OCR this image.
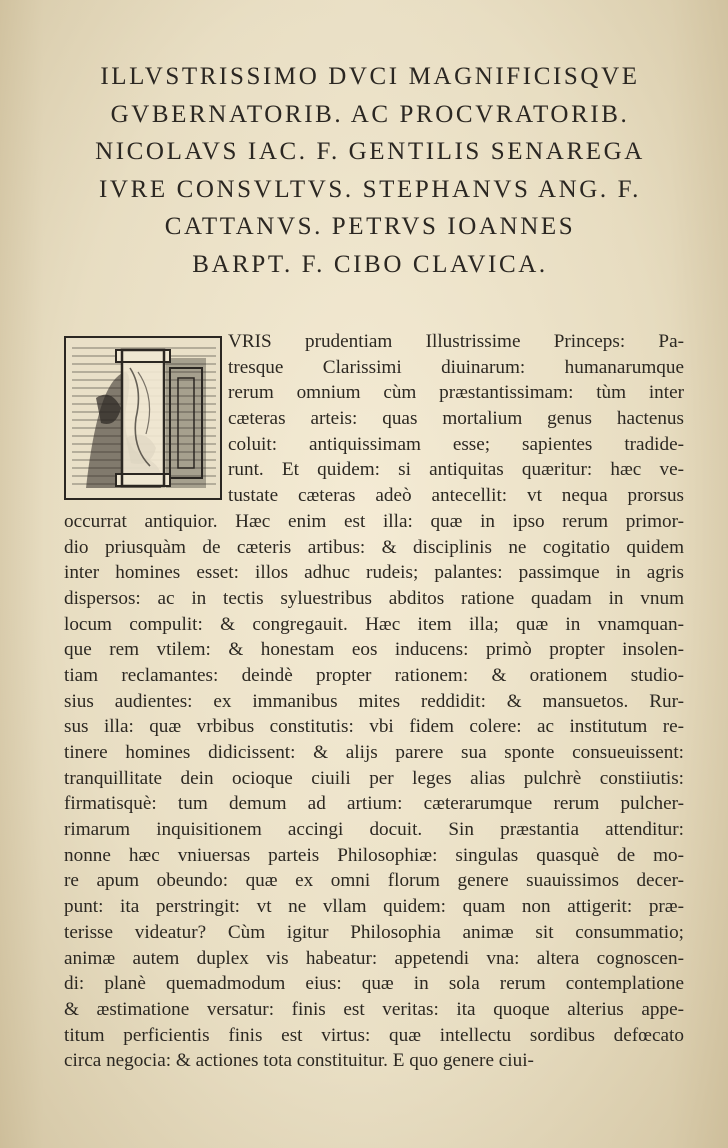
ILLVSTRISSIMO DVCI MAGNIFICISQVE
GVBERNATORIB. AC PROCVRATORIB.
NICOLAVS IAC. F. GENTILIS SENAREGA
IVRE CONSVLTVS. STEPHANVS ANG. F.
CATTANVS. PETRVS IOANNES
BARPT. F. CIBO CLAVICA.
VRIS prudentiam Illustrissime Princeps: Pa-
tresque Clarissimi diuinarum: humanarumque
rerum omnium cùm præstantissimam: tùm inter
cæteras arteis: quas mortalium genus hactenus
coluit: antiquissimam esse; sapientes tradide-
runt. Et quidem: si antiquitas quæritur: hæc ve-
tustate cæteras adeò antecellit: vt nequa prorsus
occurrat antiquior. Hæc enim est illa: quæ in ipso rerum primor-
dio priusquàm de cæteris artibus: & disciplinis ne cogitatio quidem
inter homines esset: illos adhuc rudeis; palantes: passimque in agris
dispersos: ac in tectis syluestribus abditos ratione quadam in vnum
locum compulit: & congregauit. Hæc item illa; quæ in vnamquan-
que rem vtilem: & honestam eos inducens: primò propter insolen-
tiam reclamantes: deindè propter rationem: & orationem studio-
sius audientes: ex immanibus mites reddidit: & mansuetos. Rur-
sus illa: quæ vrbibus constitutis: vbi fidem colere: ac institutum re-
tinere homines didicissent: & alijs parere sua sponte consueuissent:
tranquillitate dein ocioque ciuili per leges alias pulchrè constiiutis:
firmatisquè: tum demum ad artium: cæterarumque rerum pulcher-
rimarum inquisitionem accingi docuit. Sin præstantia attenditur:
nonne hæc vniuersas parteis Philosophiæ: singulas quasquè de mo-
re apum obeundo: quæ ex omni florum genere suauissimos decer-
punt: ita perstringit: vt ne vllam quidem: quam non attigerit: præ-
terisse videatur? Cùm igitur Philosophia animæ sit consummatio;
animæ autem duplex vis habeatur: appetendi vna: altera cognoscen-
di: planè quemadmodum eius: quæ in sola rerum contemplatione
& æstimatione versatur: finis est veritas: ita quoque alterius appe-
titum perficientis finis est virtus: quæ intellectu sordibus defœcato
circa negocia: & actiones tota constituitur. E quo genere ciui-
